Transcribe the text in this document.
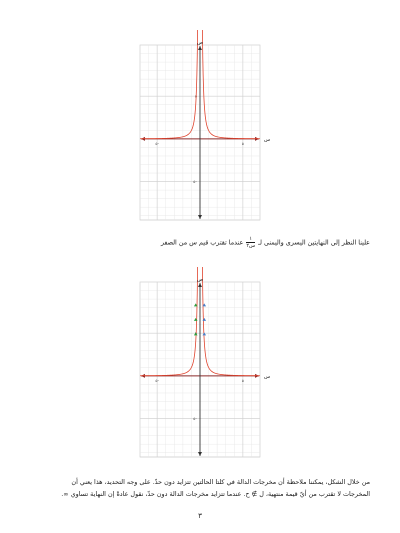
٥-	٥
٥
٥-
ص
س

علينا النظر إلى النهايتين اليسرى واليمنى لـ
$\frac{١}{\text{س٢}}$
عندما تقترب قيم س من الصفر

٥-	٥
٥-
ص
س

من خلال الشكل، يمكننا ملاحظة أن مخرجات الدالة في كلتا الحالتين تتزايد دون حدّ. على وجه التحديد، هذا يعني أن
المخرجات لا تقترب من أيّ قيمة منتهية، ل ∌ ح. عندما تتزايد مخرجات الدالة دون حدّ، نقول عادةً إن النهاية تساوي ∞.

٣
